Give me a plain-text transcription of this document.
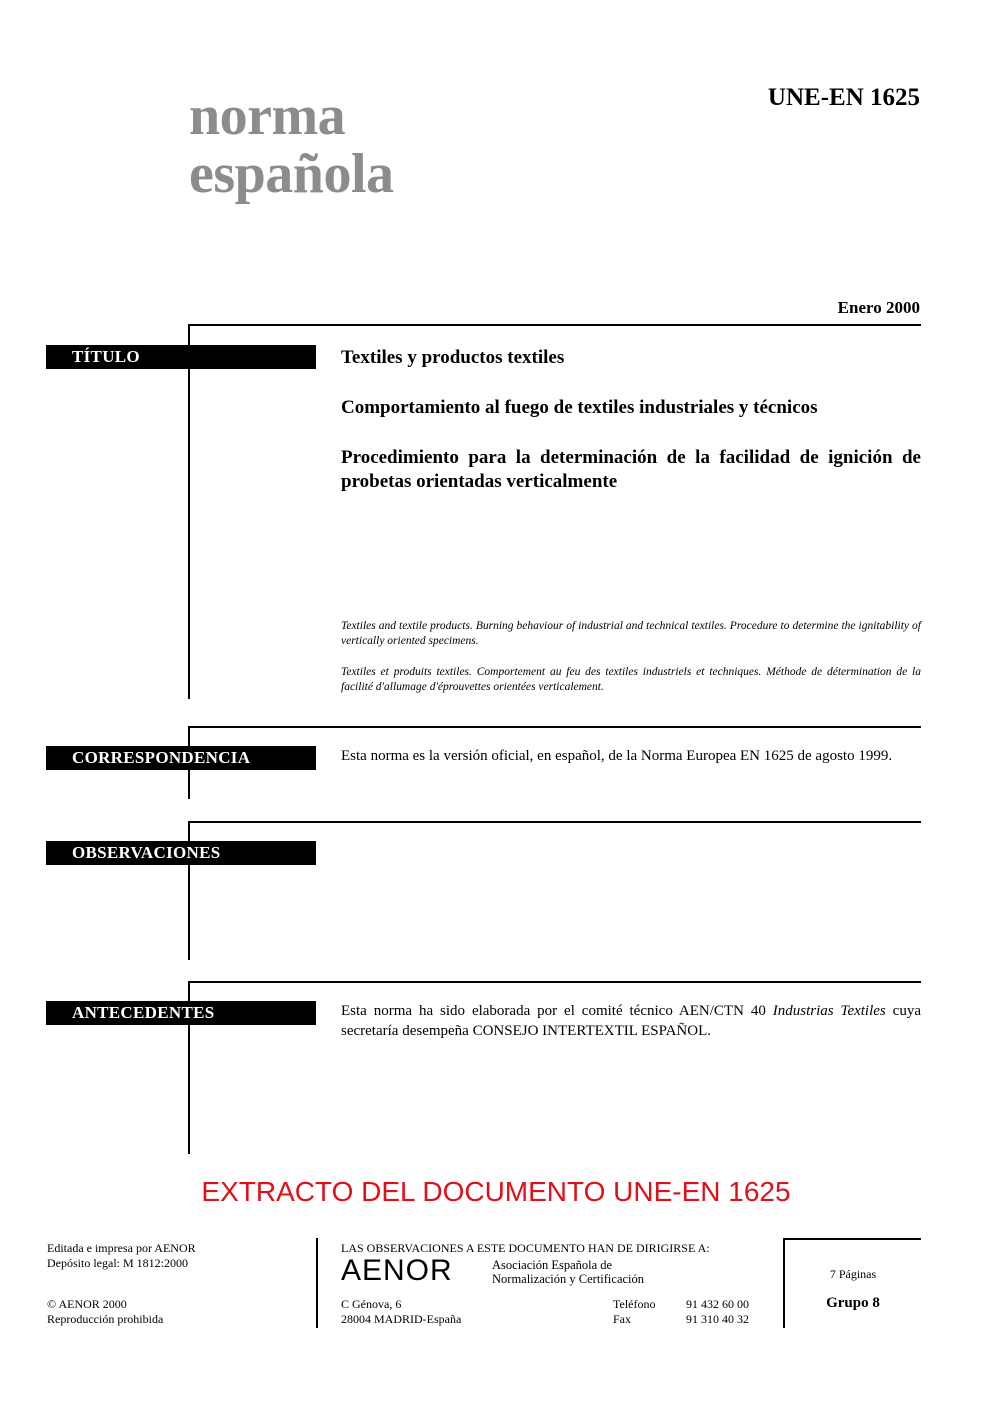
norma
española
UNE-EN 1625
Enero 2000
TÍTULO	Textiles y productos textiles
Comportamiento al fuego de textiles industriales y técnicos
Procedimiento para la determinación de la facilidad de ignición de probetas orientadas verticalmente
Textiles and textile products. Burning behaviour of industrial and technical textiles. Procedure to determine the ignitability of vertically oriented specimens.
Textiles et produits textiles. Comportement au feu des textiles industriels et techniques. Méthode de détermination de la facilité d'allumage d'éprouvettes orientées verticalement.
CORRESPONDENCIA	Esta norma es la versión oficial, en español, de la Norma Europea EN 1625 de agosto 1999.
OBSERVACIONES
ANTECEDENTES	Esta norma ha sido elaborada por el comité técnico AEN/CTN 40 Industrias Textiles cuya secretaría desempeña CONSEJO INTERTEXTIL ESPAÑOL.
EXTRACTO DEL DOCUMENTO UNE-EN 1625
Editada e impresa por AENOR
Depósito legal: M 1812:2000
© AENOR 2000
Reproducción prohibida
LAS OBSERVACIONES A ESTE DOCUMENTO HAN DE DIRIGIRSE A:
AENOR	Asociación Española de
Normalización y Certificación
C Génova, 6
28004 MADRID-España
Teléfono	91 432 60 00
Fax	91 310 40 32
7 Páginas
Grupo 8
